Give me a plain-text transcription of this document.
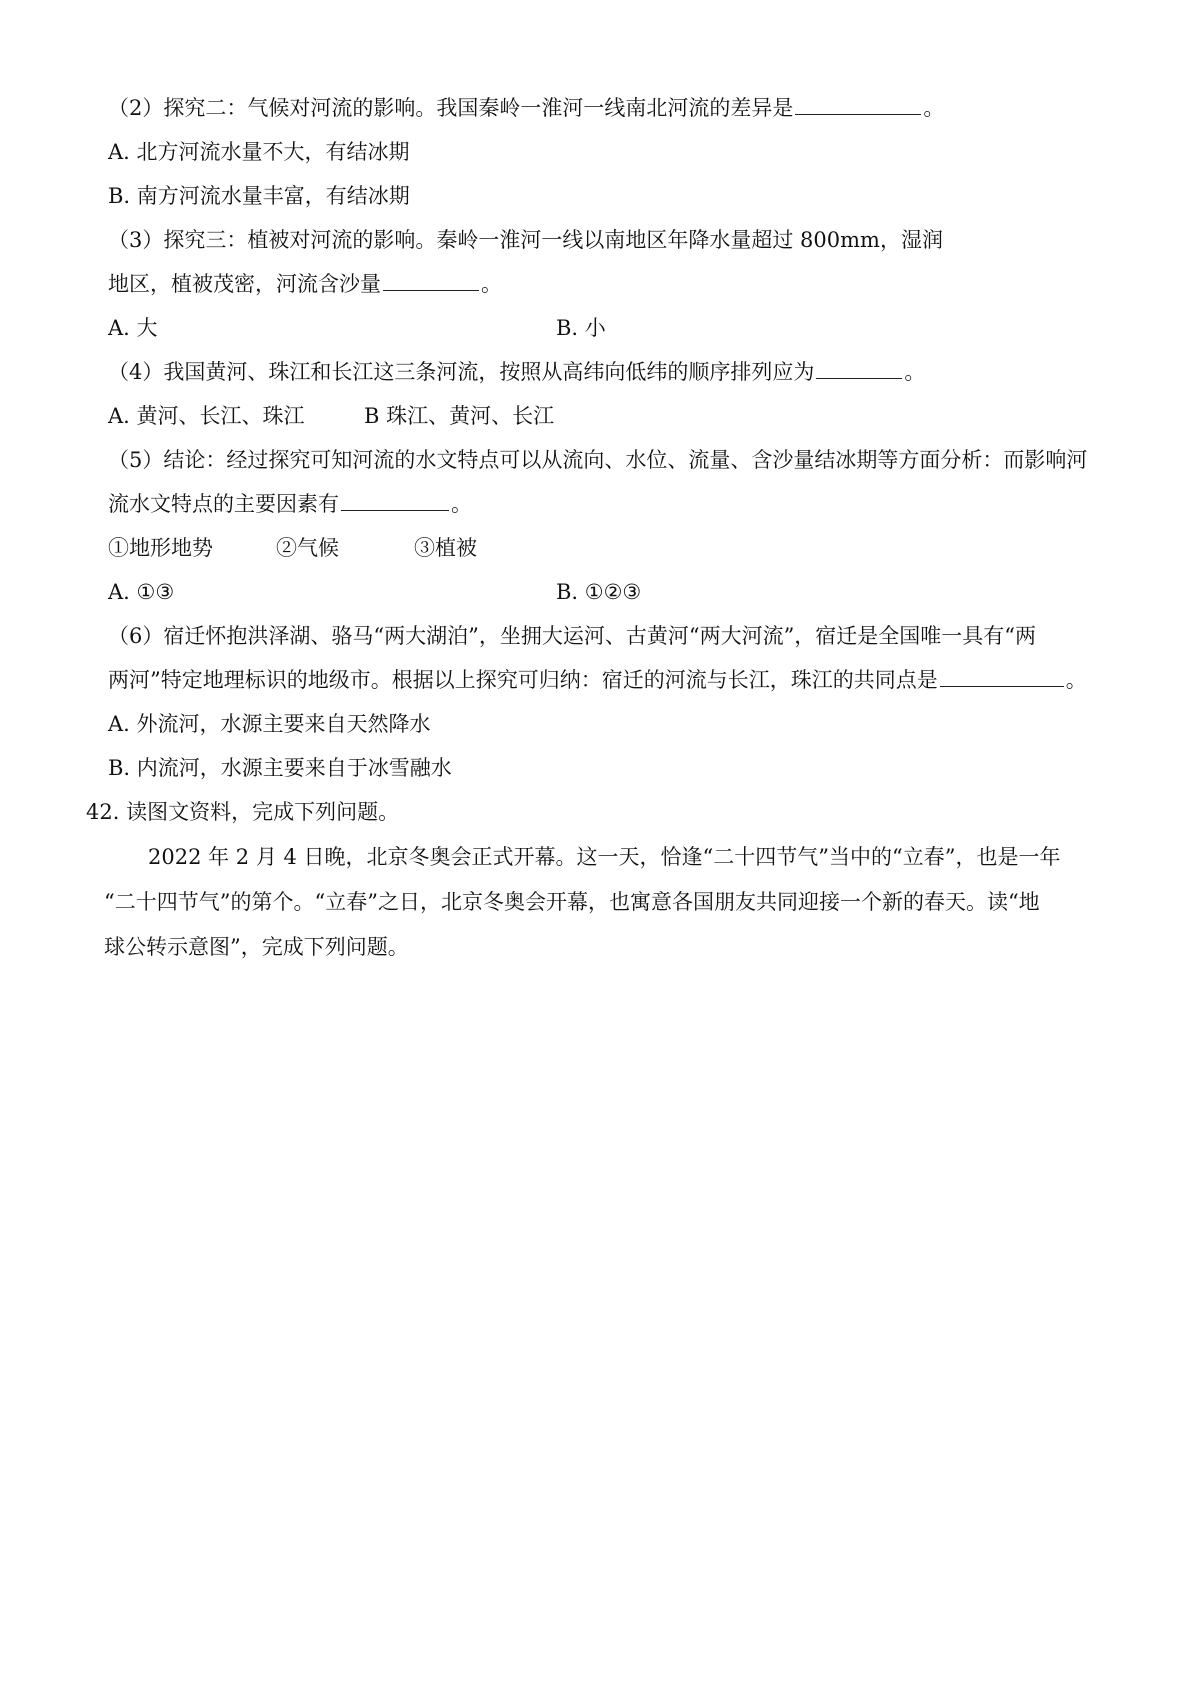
（2）探究二：气候对河流的影响。我国秦岭一淮河一线南北河流的差异是	。
A. 北方河流水量不大，有结冰期
B. 南方河流水量丰富，有结冰期
（3）探究三：植被对河流的影响。秦岭一淮河一线以南地区年降水量超过 800mm，湿润
地区，植被茂密，河流含沙量	。
A. 大	B. 小
（4）我国黄河、珠江和长江这三条河流，按照从高纬向低纬的顺序排列应为	。
A. 黄河、长江、珠江	B 珠江、黄河、长江
（5）结论：经过探究可知河流的水文特点可以从流向、水位、流量、含沙量结冰期等方面分析：而影响河
流水文特点的主要因素有	。
①地形地势	②气候	③植被
A. ①③	B. ①②③
（6）宿迁怀抱洪泽湖、骆马“两大湖泊”，坐拥大运河、古黄河“两大河流”，宿迁是全国唯一具有“两
两河”特定地理标识的地级市。根据以上探究可归纳：宿迁的河流与长江，珠江的共同点是	。
A. 外流河，水源主要来自天然降水
B. 内流河，水源主要来自于冰雪融水
42. 读图文资料，完成下列问题。
2022 年 2 月 4 日晚，北京冬奥会正式开幕。这一天，恰逢“二十四节气”当中的“立春”，也是一年
“二十四节气”的第个。“立春”之日，北京冬奥会开幕，也寓意各国朋友共同迎接一个新的春天。读“地
球公转示意图”，完成下列问题。
